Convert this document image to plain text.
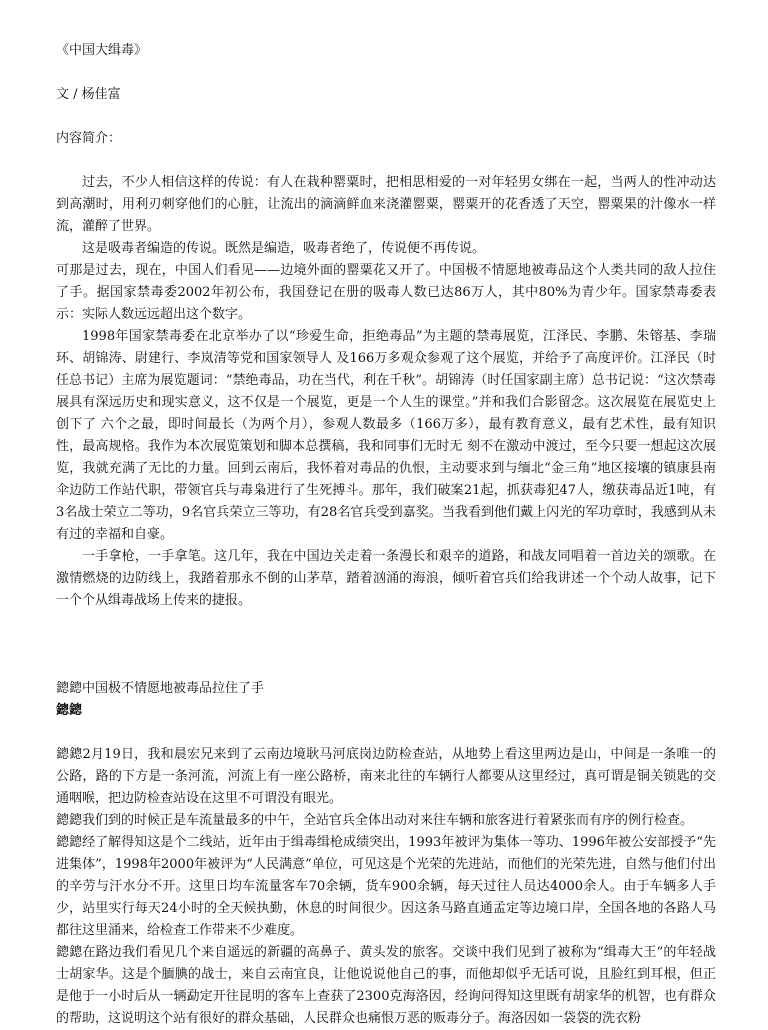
《中国大缉毒》

文 / 杨佳富

内容简介：

过去，不少人相信这样的传说：有人在栽种罂粟时，把相思相爱的一对年轻男女绑在一起，当两人的性冲动达到高潮时，用利刃刺穿他们的心脏，让流出的滴滴鲜血来浇灌罂粟，罂粟开的花香透了天空，罂粟果的汁像水一样流，灌醉了世界。

这是吸毒者编造的传说。既然是编造，吸毒者绝了，传说便不再传说。

可那是过去，现在，中国人们看见——边境外面的罂粟花又开了。中国极不情愿地被毒品这个人类共同的敌人拉住了手。据国家禁毒委2002年初公布，我国登记在册的吸毒人数已达86万人，其中80%为青少年。国家禁毒委表示：实际人数远远超出这个数字。

1998年国家禁毒委在北京举办了以“珍爱生命，拒绝毒品”为主题的禁毒展览，江泽民、李鹏、朱镕基、李瑞环、胡锦涛、尉建行、李岚清等党和国家领导人 及166万多观众参观了这个展览，并给予了高度评价。江泽民（时任总书记）主席为展览题词：“禁绝毒品，功在当代，利在千秋”。胡锦涛（时任国家副主席）总书记说：“这次禁毒展具有深远历史和现实意义，这不仅是一个展览，更是一个人生的课堂。”并和我们合影留念。这次展览在展览史上创下了 六个之最，即时间最长（为两个月），参观人数最多（166万多），最有教育意义，最有艺术性，最有知识性，最高规格。我作为本次展览策划和脚本总撰稿，我和同事们无时无 刻不在激动中渡过，至今只要一想起这次展览，我就充满了无比的力量。回到云南后，我怀着对毒品的仇恨，主动要求到与缅北“金三角”地区接壤的镇康县南伞边防工作站代职，带领官兵与毒枭进行了生死搏斗。那年，我们破案21起，抓获毒犯47人，缴获毒品近1吨，有3名战士荣立二等功，9名官兵荣立三等功，有28名官兵受到嘉奖。当我看到他们戴上闪光的军功章时，我感到从未有过的幸福和自豪。

一手拿枪，一手拿笔。这几年，我在中国边关走着一条漫长和艰辛的道路，和战友同唱着一首边关的颂歌。在激情燃烧的边防线上，我踏着那永不倒的山茅草，踏着汹涌的海浪，倾听着官兵们给我讲述一个个动人故事，记下一个个从缉毒战场上传来的捷报。

鏓鏓中国极不情愿地被毒品拉住了手

鏓鏓

鏓鏓2月19日，我和晨宏兄来到了云南边境耿马河底岗边防检查站，从地势上看这里两边是山，中间是一条唯一的公路，路的下方是一条河流，河流上有一座公路桥，南来北往的车辆行人都要从这里经过，真可谓是铜关锁匙的交通咽喉，把边防检查站设在这里不可谓没有眼光。

鏓鏓我们到的时候正是车流量最多的中午，全站官兵全体出动对来往车辆和旅客进行着紧张而有序的例行检查。

鏓鏓经了解得知这是个二线站，近年由于缉毒缉枪成绩突出，1993年被评为集体一等功、1996年被公安部授予“先进集体”，1998年2000年被评为“人民满意”单位，可见这是个光荣的先进站，而他们的光荣先进，自然与他们付出的辛劳与汗水分不开。这里日均车流量客车70余辆，货车900余辆，每天过往人员达4000余人。由于车辆多人手少，站里实行每天24小时的全天候执勤，休息的时间很少。因这条马路直通孟定等边境口岸，全国各地的各路人马都往这里涌来，给检查工作带来不少难度。

鏓鏓在路边我们看见几个来自遥远的新疆的高鼻子、黄头发的旅客。交谈中我们见到了被称为“缉毒大王”的年轻战士胡家华。这是个腼腆的战士，来自云南宜良，让他说说他自己的事，而他却似乎无话可说，且脸红到耳根，但正是他于一小时后从一辆勐定开往昆明的客车上查获了2300克海洛因，经询问得知这里既有胡家华的机智，也有群众的帮助，这说明这个站有很好的群众基础，人民群众也痛恨万恶的贩毒分子。海洛因如一袋袋的洗衣粉
